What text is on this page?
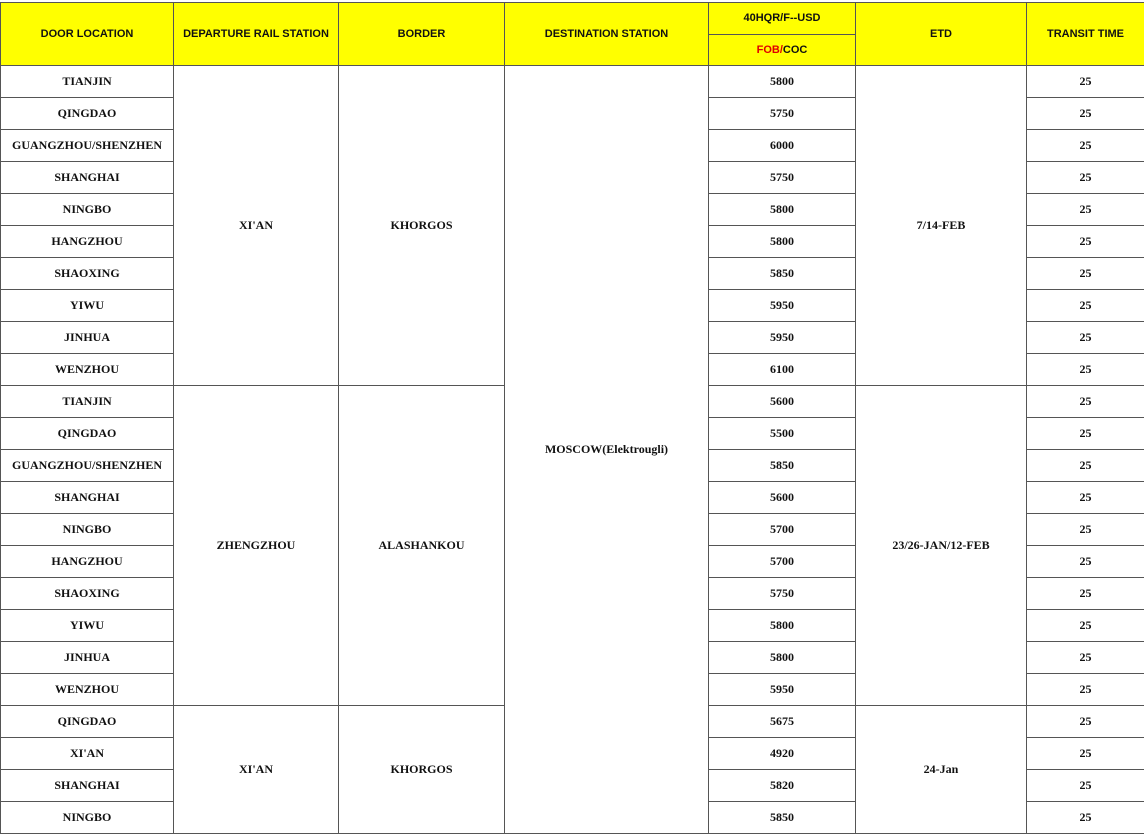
DOOR LOCATION	DEPARTURE RAIL STATION	BORDER	DESTINATION STATION	40HQR/F--USD	ETD	TRANSIT TIME
				FOB/COC		
TIANJIN	XI'AN	KHORGOS	MOSCOW(Elektrougli)	5800	7/14-FEB	25
QINGDAO				5750		25
GUANGZHOU/SHENZHEN				6000		25
SHANGHAI				5750		25
NINGBO				5800		25
HANGZHOU				5800		25
SHAOXING				5850		25
YIWU				5950		25
JINHUA				5950		25
WENZHOU				6100		25
TIANJIN	ZHENGZHOU	ALASHANKOU		5600	23/26-JAN/12-FEB	25
QINGDAO				5500		25
GUANGZHOU/SHENZHEN				5850		25
SHANGHAI				5600		25
NINGBO				5700		25
HANGZHOU				5700		25
SHAOXING				5750		25
YIWU				5800		25
JINHUA				5800		25
WENZHOU				5950		25
QINGDAO	XI'AN	KHORGOS		5675	24-Jan	25
XI'AN				4920		25
SHANGHAI				5820		25
NINGBO				5850		25
